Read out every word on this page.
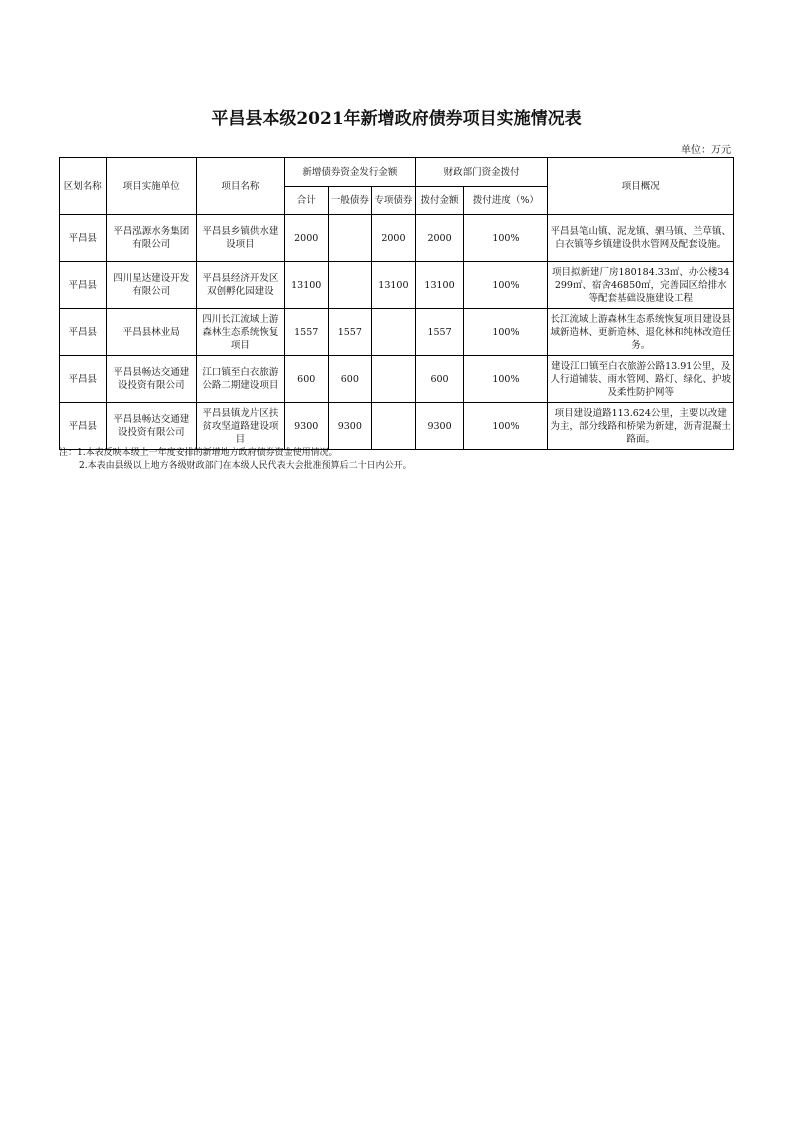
平昌县本级2021年新增政府债券项目实施情况表
单位：万元
区划名称	项目实施单位	项目名称	新增债券资金发行金额			财政部门资金拨付		项目概况
			合计	一般债券	专项债券	拨付金额	拨付进度（%）	
平昌县	平昌泓源水务集团有限公司	平昌县乡镇供水建设项目	2000		2000	2000	100%	平昌县笔山镇、泥龙镇、驷马镇、兰草镇、白衣镇等乡镇建设供水管网及配套设施。
平昌县	四川星达建设开发有限公司	平昌县经济开发区双创孵化园建设	13100		13100	13100	100%	项目拟新建厂房180184.33㎡、办公楼34299㎡、宿舍46850㎡，完善园区给排水等配套基础设施建设工程
平昌县	平昌县林业局	四川长江流域上游森林生态系统恢复项目	1557	1557		1557	100%	长江流域上游森林生态系统恢复项目建设县域新造林、更新造林、退化林和纯林改造任务。
平昌县	平昌县畅达交通建设投资有限公司	江口镇至白衣旅游公路二期建设项目	600	600		600	100%	建设江口镇至白衣旅游公路13.91公里，及人行道铺装、雨水管网、路灯、绿化、护坡及柔性防护网等
平昌县	平昌县畅达交通建设投资有限公司	平昌县镇龙片区扶贫攻坚道路建设项目	9300	9300		9300	100%	项目建设道路113.624公里，主要以改建为主，部分线路和桥梁为新建，沥青混凝土路面。
注：1.本表反映本级上一年度安排的新增地方政府债券资金使用情况。
2.本表由县级以上地方各级财政部门在本级人民代表大会批准预算后二十日内公开。
